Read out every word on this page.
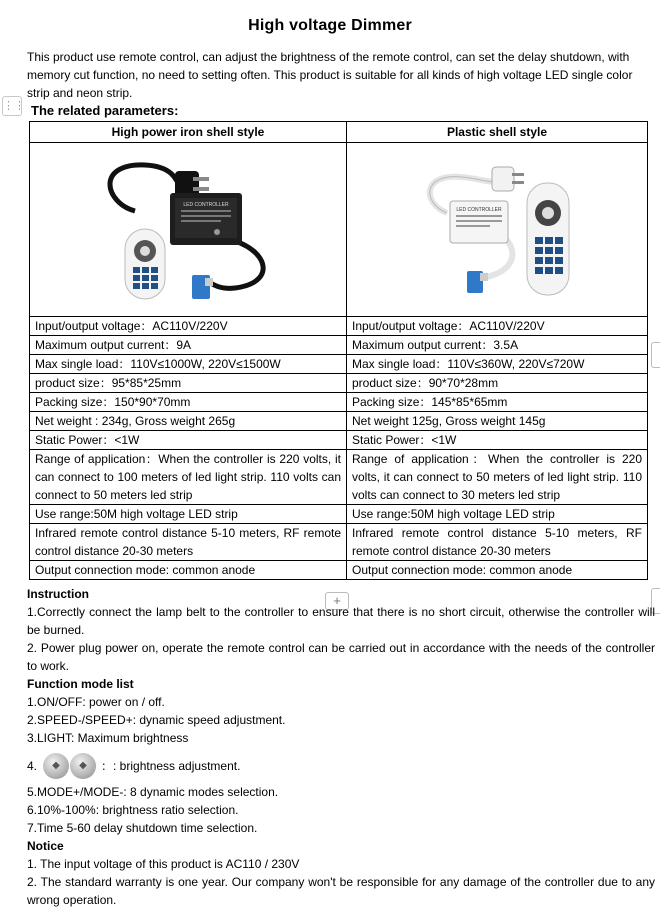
High voltage Dimmer
This product use remote control, can adjust the brightness of the remote control, can set the delay shutdown, with memory cut function, no need to setting often. This product is suitable for all kinds of high voltage LED single color strip and neon strip.
⋮⋮ The related parameters:
High power iron shell style	Plastic shell style

LED CONTROLLER	LED CONTROLLER

Input/output voltage：AC110V/220V	Input/output voltage：AC110V/220V
Maximum output current：9A	Maximum output current：3.5A
Max single load：110V≤1000W, 220V≤1500W	Max single load：110V≤360W, 220V≤720W
product size：95*85*25mm	product size：90*70*28mm
Packing size：150*90*70mm	Packing size：145*85*65mm
Net weight : 234g, Gross weight 265g	Net weight 125g, Gross weight 145g
Static Power：<1W	Static Power：<1W
Range of application：When the controller is 220 volts, it can connect to 100 meters of led light strip. 110 volts can connect to 50 meters led strip	Range of application：When the controller is 220 volts, it can connect to 50 meters of led light strip. 110 volts can connect to 30 meters led strip
Use range:50M high voltage LED strip	Use range:50M high voltage LED strip
Infrared remote control distance 5-10 meters, RF remote control distance 20-30 meters	Infrared remote control distance 5-10 meters, RF remote control distance 20-30 meters
Output connection mode: common anode	Output connection mode: common anode
+
Instruction
1.Correctly connect the lamp belt to the controller to ensure that there is no short circuit, otherwise the controller will be burned.
2. Power plug power on, operate the remote control can be carried out in accordance with the needs of the controller to work.
Function mode list
1.ON/OFF: power on / off.
2.SPEED-/SPEED+: dynamic speed adjustment.
3.LIGHT: Maximum brightness
4.	◆	◆	：: brightness adjustment.
5.MODE+/MODE-: 8 dynamic modes selection.
6.10%-100%: brightness ratio selection.
7.Time 5-60 delay shutdown time selection.
Notice
1. The input voltage of this product is AC110 / 230V
2. The standard warranty is one year. Our company won't be responsible for any damage of the controller due to any wrong operation.
